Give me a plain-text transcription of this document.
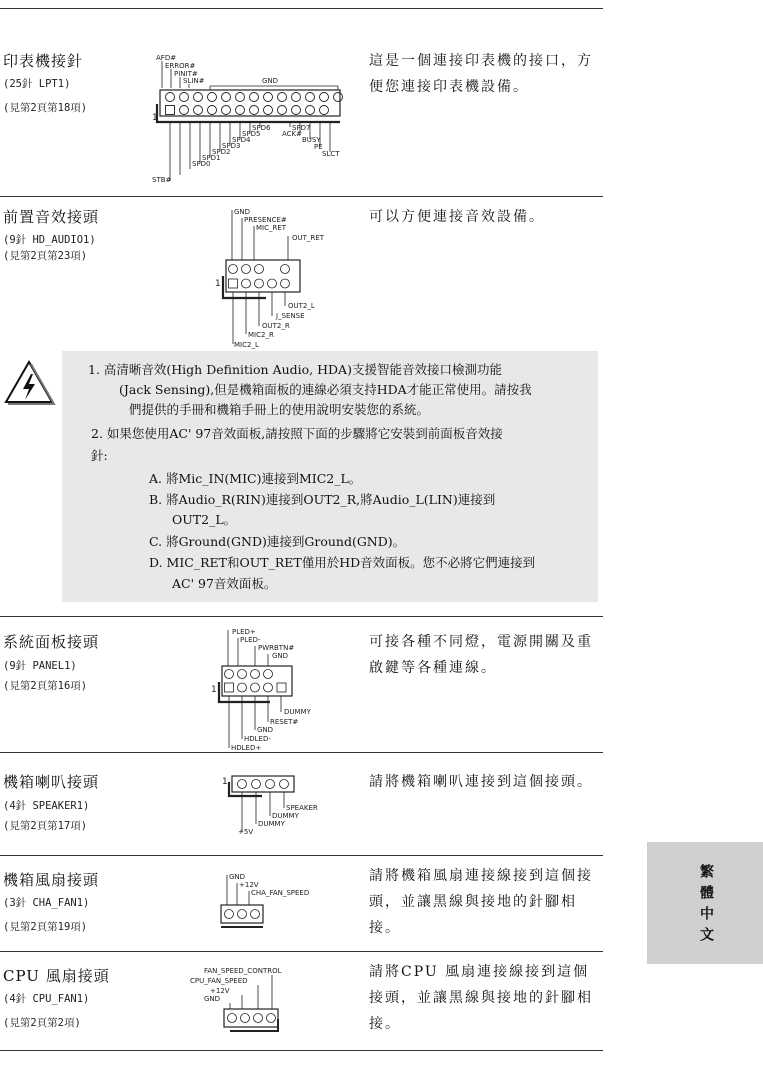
印表機接針
(25針 LPT1)
(見第2頁第18項)
這是一個連接印表機的接口，方便您連接印表機設備。
AFD#
ERROR#
PINIT#
SLIN#	GND
1
SPD7
ACK#
BUSY
PE
SLCT
SPD6
SPD5
SPD4
SPD3
SPD2
SPD1
SPD0
STB#
前置音效接頭
(9針 HD_AUDIO1)
(見第2頁第23項)
可以方便連接音效設備。
GND
PRESENCE#
MIC_RET
OUT_RET
1
OUT2_L
J_SENSE
OUT2_R
MIC2_R
MIC2_L
1. 高清晰音效(High Definition Audio, HDA)支援智能音效接口檢測功能
(Jack Sensing),但是機箱面板的連線必須支持HDA才能正常使用。請按我
們提供的手冊和機箱手冊上的使用說明安裝您的系統。
2. 如果您使用AC' 97音效面板,請按照下面的步驟將它安裝到前面板音效接
針:
A. 將Mic_IN(MIC)連接到MIC2_L。
B. 將Audio_R(RIN)連接到OUT2_R,將Audio_L(LIN)連接到
OUT2_L。
C. 將Ground(GND)連接到Ground(GND)。
D. MIC_RET和OUT_RET僅用於HD音效面板。您不必將它們連接到
AC' 97音效面板。
系統面板接頭
(9針 PANEL1)
(見第2頁第16項)
可接各種不同燈，電源開關及重啟鍵等各種連線。
PLED+
PLED-
PWRBTN#
GND
1
DUMMY
RESET#
GND
HDLED-
HDLED+
機箱喇叭接頭
(4針 SPEAKER1)
(見第2頁第17項)
請將機箱喇叭連接到這個接頭。
1
SPEAKER
DUMMY
DUMMY
+5V
機箱風扇接頭
(3針 CHA_FAN1)
(見第2頁第19項)
請將機箱風扇連接線接到這個接頭，並讓黑線與接地的針腳相接。
GND
+12V
CHA_FAN_SPEED
CPU 風扇接頭
(4針 CPU_FAN1)
(見第2頁第2項)
請將CPU 風扇連接線接到這個接頭，並讓黑線與接地的針腳相接。
FAN_SPEED_CONTROL
CPU_FAN_SPEED
+12V
GND
繁體中文
